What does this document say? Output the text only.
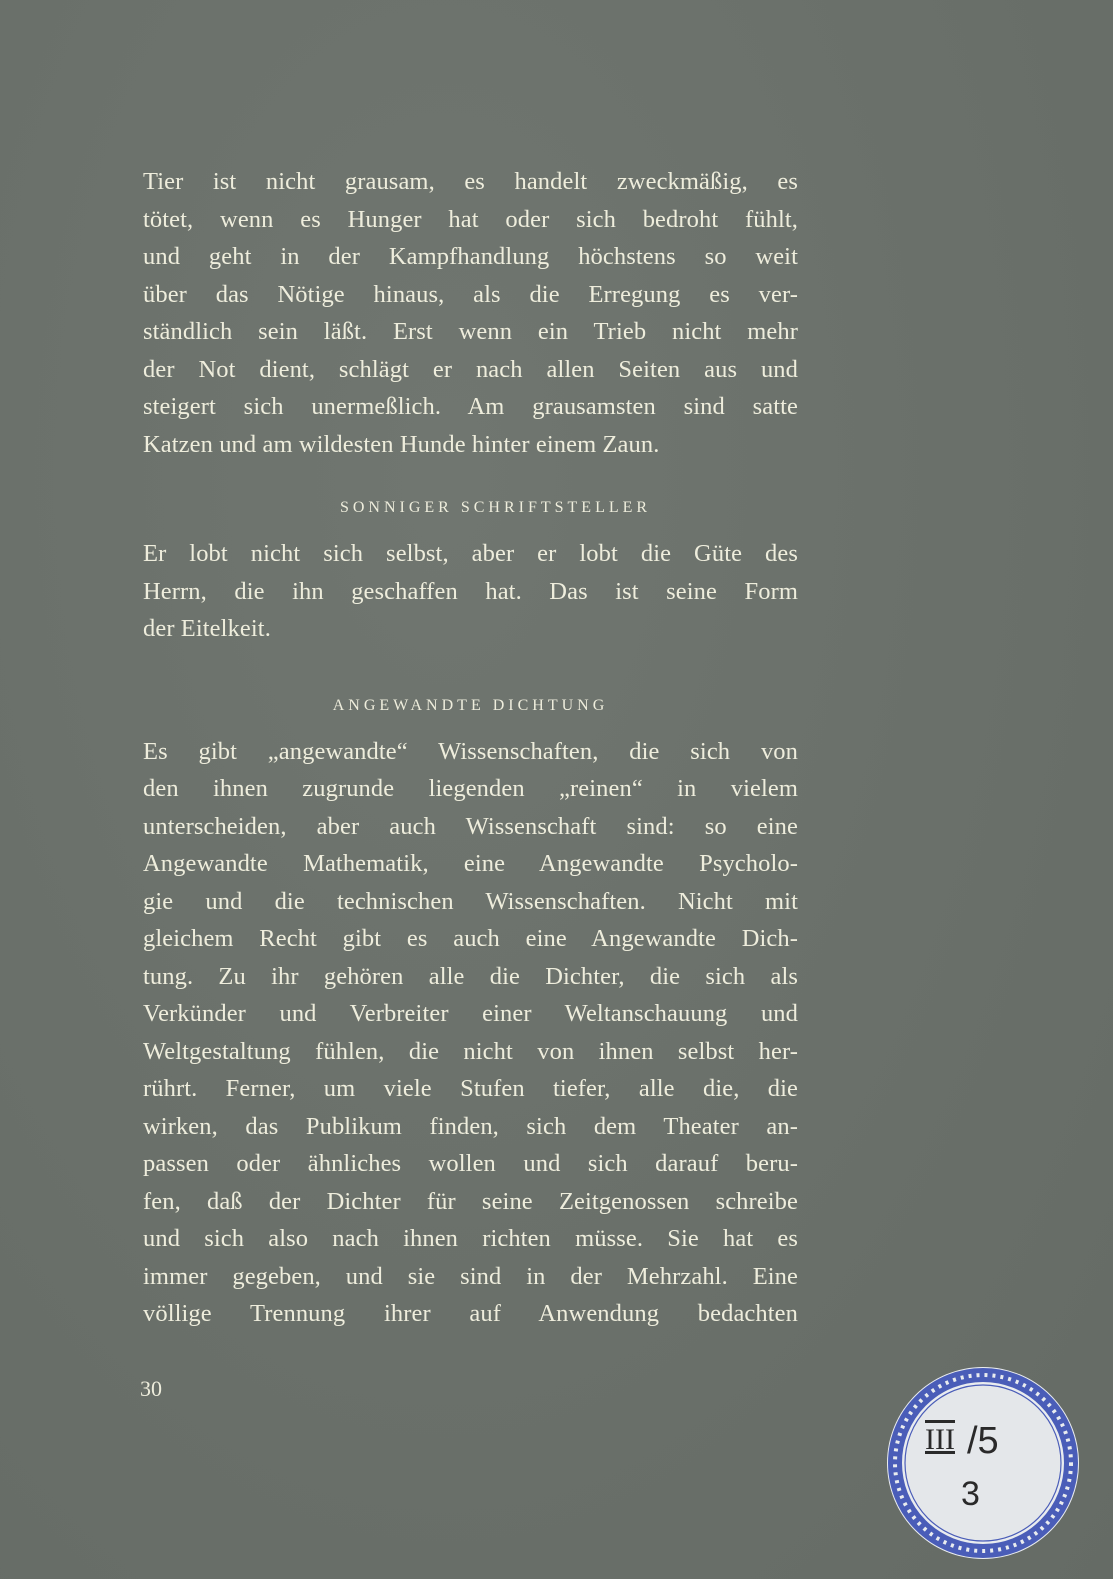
Tier ist nicht grausam, es handelt zweckmäßig, es
tötet, wenn es Hunger hat oder sich bedroht fühlt,
und geht in der Kampfhandlung höchstens so weit
über das Nötige hinaus, als die Erregung es ver-
ständlich sein läßt. Erst wenn ein Trieb nicht mehr
der Not dient, schlägt er nach allen Seiten aus und
steigert sich unermeßlich. Am grausamsten sind satte
Katzen und am wildesten Hunde hinter einem Zaun.
SONNIGER SCHRIFTSTELLER
Er lobt nicht sich selbst, aber er lobt die Güte des
Herrn, die ihn geschaffen hat. Das ist seine Form
der Eitelkeit.
ANGEWANDTE DICHTUNG
Es gibt „angewandte“ Wissenschaften, die sich von
den ihnen zugrunde liegenden „reinen“ in vielem
unterscheiden, aber auch Wissenschaft sind: so eine
Angewandte Mathematik, eine Angewandte Psycholo-
gie und die technischen Wissenschaften. Nicht mit
gleichem Recht gibt es auch eine Angewandte Dich-
tung. Zu ihr gehören alle die Dichter, die sich als
Verkünder und Verbreiter einer Weltanschauung und
Weltgestaltung fühlen, die nicht von ihnen selbst her-
rührt. Ferner, um viele Stufen tiefer, alle die, die
wirken, das Publikum finden, sich dem Theater an-
passen oder ähnliches wollen und sich darauf beru-
fen, daß der Dichter für seine Zeitgenossen schreibe
und sich also nach ihnen richten müsse. Sie hat es
immer gegeben, und sie sind in der Mehrzahl. Eine
völlige Trennung ihrer auf Anwendung bedachten
30
III /5
3
